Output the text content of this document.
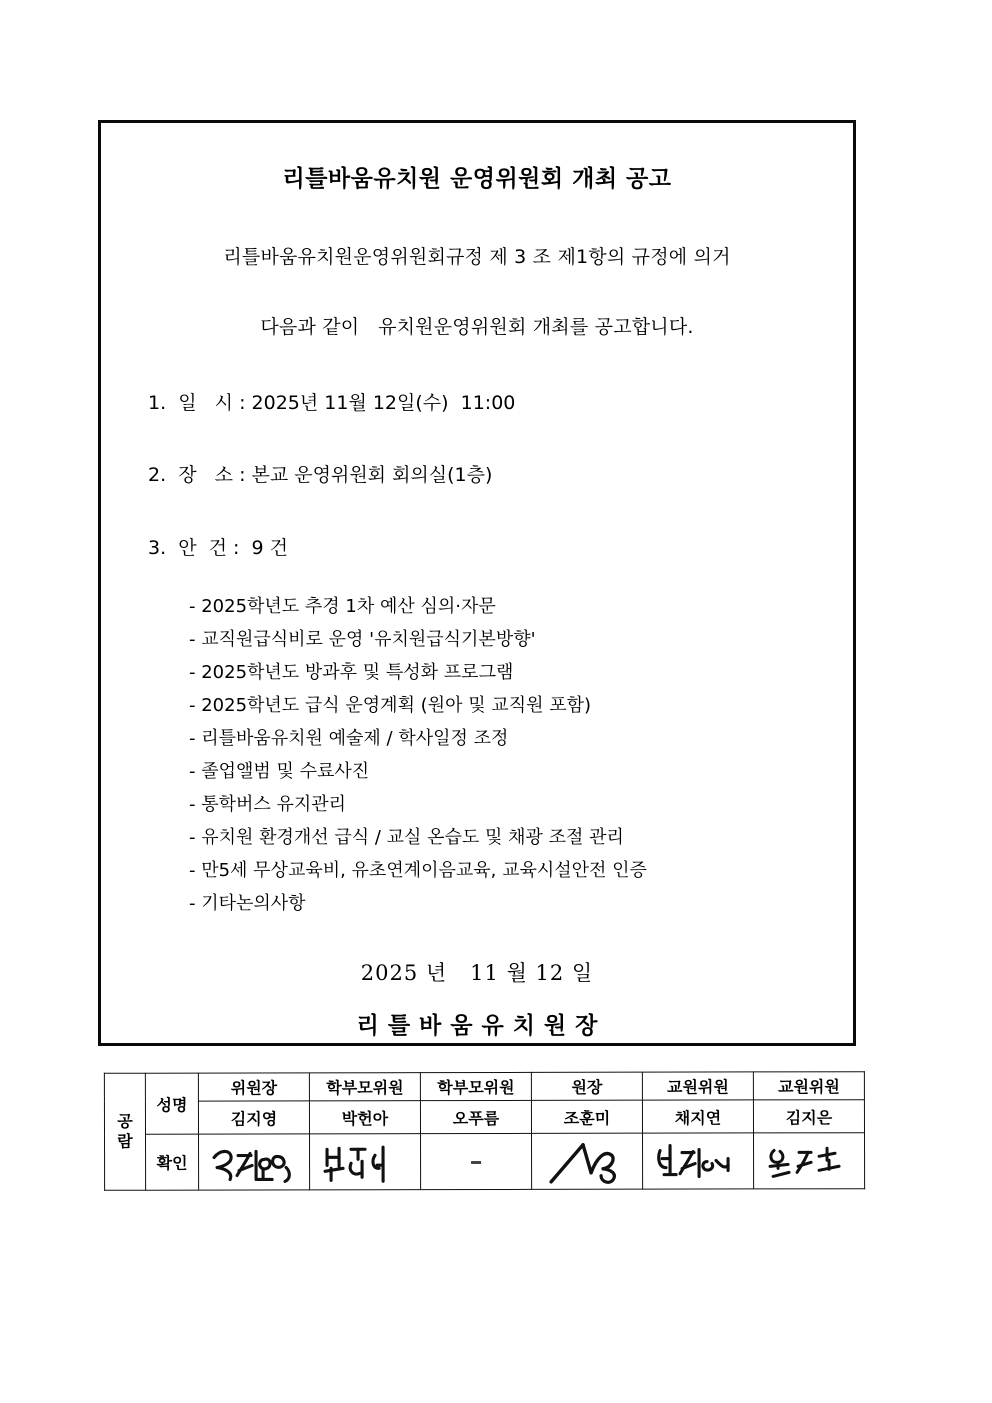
리틀바움유치원 운영위원회 개최 공고
리틀바움유치원운영위원회규정 제 3 조 제1항의 규정에 의거
다음과 같이   유치원운영위원회 개최를 공고합니다.
1.  일   시 : 2025년 11월 12일(수)  11:00
2.  장   소 : 본교 운영위원회 회의실(1층)
3.  안  건 :  9 건
- 2025학년도 추경 1차 예산 심의·자문
- 교직원급식비로 운영 '유치원급식기본방향'
- 2025학년도 방과후 및 특성화 프로그램
- 2025학년도 급식 운영계획 (원아 및 교직원 포함)
- 리틀바움유치원 예술제 / 학사일정 조정
- 졸업앨범 및 수료사진
- 통학버스 유지관리
- 유치원 환경개선 급식 / 교실 온습도 및 채광 조절 관리
- 만5세 무상교육비, 유초연계이음교육, 교육시설안전 인증
- 기타논의사항
2025 년   11 월 12 일
리틀바움유치원장
공
람	성명	위원장	학부모위원	학부모위원	원장	교원위원	교원위원
		김지영	박헌아	오푸름	조훈미	채지연	김지은
	확인	
